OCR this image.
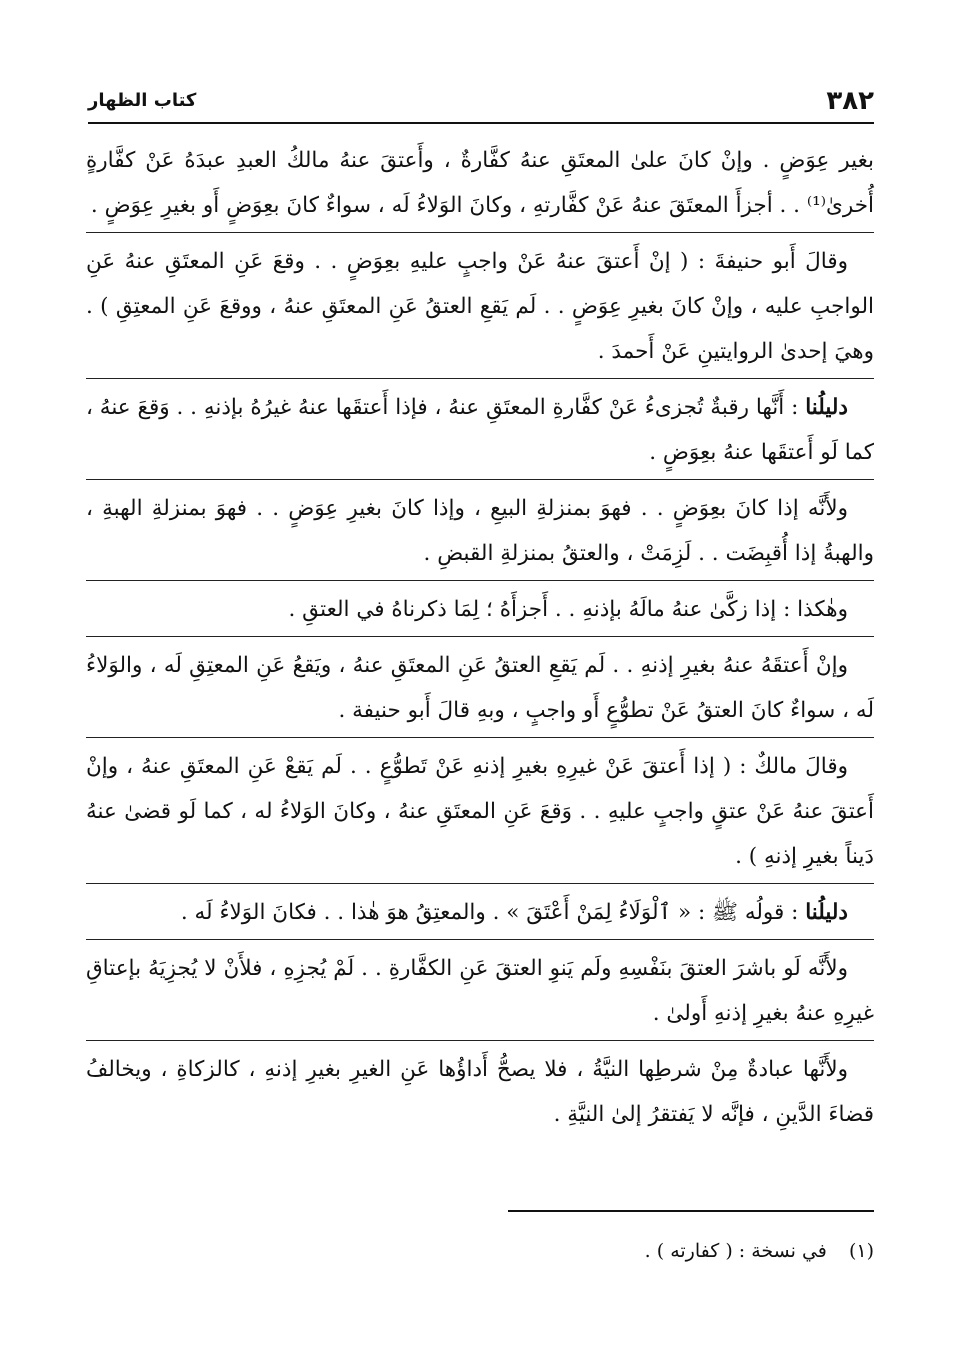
٣٨٢
كتاب الظهار

بغير عِوَضٍ . وإنْ كانَ علىٰ المعتَقِ عنهُ كفَّارةٌ ، وأَعتقَ عنهُ مالكُ العبدِ عبدَهُ عَنْ كفَّارةٍ أُخرىٰ⁽¹⁾ . . أجزأَ المعتَقَ عنهُ عَنْ كفَّارتهِ ، وكانَ الوَلاءُ لَه ، سواءٌ كانَ بعِوَضٍ أَو بغيرِ عِوَضٍ .

وقالَ أَبو حنيفةَ : ( إنْ أَعتقَ عنهُ عَنْ واجبٍ عليهِ بعِوَضٍ . . وقعَ عَنِ المعتَقِ عنهُ عَنِ الواجبِ عليه ، وإنْ كانَ بغيرِ عِوَضٍ . . لَم يَقعِ العتقُ عَنِ المعتَقِ عنهُ ، ووقعَ عَنِ المعتِقِ ) . وهيَ إحدىٰ الروايتينِ عَنْ أَحمدَ .

دليلُنا : أَنَّها رقبةٌ تُجزىءُ عَنْ كفَّارةِ المعتَقِ عنهُ ، فإذا أَعتقَها عنهُ غيرُهُ بإذنهِ . . وَقعَ عنهُ ، كما لَو أَعتقَها عنهُ بعِوَضٍ .

ولأَنَّه إذا كانَ بعِوَضٍ . . فهوَ بمنزلةِ البيعِ ، وإذا كانَ بغيرِ عِوَضٍ . . فهوَ بمنزلةِ الهبةِ ، والهبةُ إذا أُقبِضَت . . لَزِمَتْ ، والعتقُ بمنزلةِ القبضِ .

وهٰكذا : إذا زكَّىٰ عنهُ مالَهُ بإذنهِ . . أَجزأَهُ ؛ لِمَا ذكرناهُ في العتقِ .

وإنْ أَعتقَهُ عنهُ بغيرِ إذنهِ . . لَم يَقعِ العتقُ عَنِ المعتَقِ عنهُ ، ويَقعُ عَنِ المعتِقِ لَه ، والوَلاءُ لَه ، سواءٌ كانَ العتقُ عَنْ تطوُّعٍ أَو واجبٍ ، وبهِ قالَ أَبو حنيفة .

وقالَ مالكٌ : ( إذا أَعتقَ عَنْ غيرِهِ بغيرِ إذنهِ عَنْ تَطوُّعٍ . . لَم يَقعْ عَنِ المعتَقِ عنهُ ، وإنْ أَعتقَ عنهُ عَنْ عتقٍ واجبٍ عليهِ . . وَقعَ عَنِ المعتَقِ عنهُ ، وكانَ الوَلاءُ له ، كما لَو قضىٰ عنهُ دَيناً بغيرِ إذنهِ ) .

دليلُنا : قولُه ﷺ : « ٱلْوَلَاءُ لِمَنْ أَعْتَقَ » . والمعتِقُ هوَ هٰذا . . فكانَ الوَلاءُ لَه .

ولأَنَّه لَو باشرَ العتقَ بنَفْسِهِ ولَم يَنوِ العتقَ عَنِ الكفَّارةِ . . لَمْ يُجزِهِ ، فلأَنْ لا يُجزِيَهُ بإعتاقِ غيرِهِ عنهُ بغيرِ إذنهِ أَولىٰ .

ولأَنَّها عبادةٌ مِنْ شرطِها النيَّةُ ، فلا يصحُّ أَداؤُها عَنِ الغيرِ بغيرِ إذنهِ ، كالزكاةِ ، ويخالفُ قضاءَ الدَّينِ ، فإنَّه لا يَفتقرُ إلىٰ النيَّةِ .

(١) في نسخة : ( كفارته ) .
